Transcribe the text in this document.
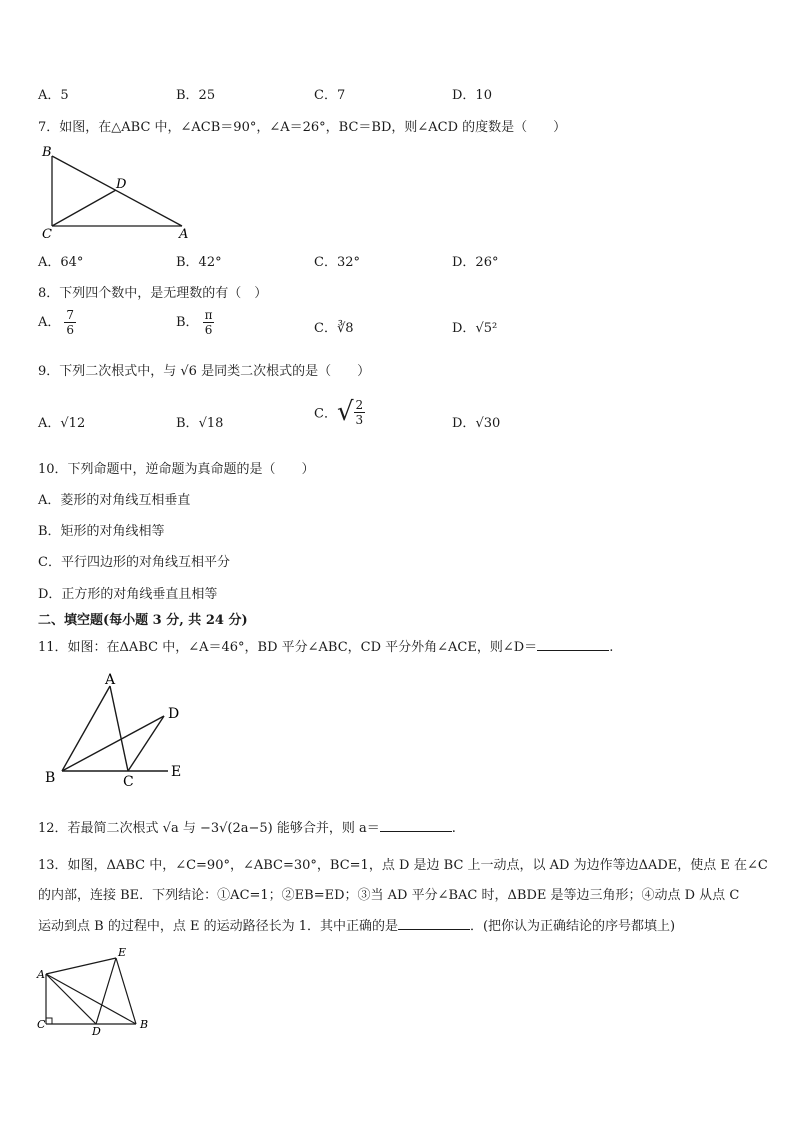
A．5	B．25	C．7	D．10
7．如图，在△ABC 中，∠ACB＝90°，∠A＝26°，BC＝BD，则∠ACD 的度数是（　　）
B
C	A
D
A．64°	B．42°	C．32°	D．26°
8．下列四个数中，是无理数的有（　）
A． $\frac{7}{6}$	B． $\frac{\pi}{6}$	C．∛8	D．√5²
9．下列二次根式中，与 √6 是同类二次根式的是（　　）
A．√12	B．√18
C．√ $\frac{2}{3}$	D．√30
10．下列命题中，逆命题为真命题的是（　　）
A．菱形的对角线互相垂直
B．矩形的对角线相等
C．平行四边形的对角线互相平分
D．正方形的对角线垂直且相等
二、填空题(每小题 3 分, 共 24 分)
11．如图：在ΔABC 中，∠A＝46°，BD 平分∠ABC，CD 平分外角∠ACE，则∠D＝	.
A
B	C
D
E
12．若最简二次根式 √a 与 −3√(2a−5) 能够合并，则 a＝	.
13．如图，ΔABC 中，∠C=90°，∠ABC=30°，BC=1，点 D 是边 BC 上一动点，以 AD 为边作等边ΔADE，使点 E 在∠C
的内部，连接 BE．下列结论：①AC=1；②EB=ED；③当 AD 平分∠BAC 时，ΔBDE 是等边三角形；④动点 D 从点 C
运动到点 B 的过程中，点 E 的运动路径长为 1．其中正确的是	．(把你认为正确结论的序号都填上)
A
C
D
B
E
